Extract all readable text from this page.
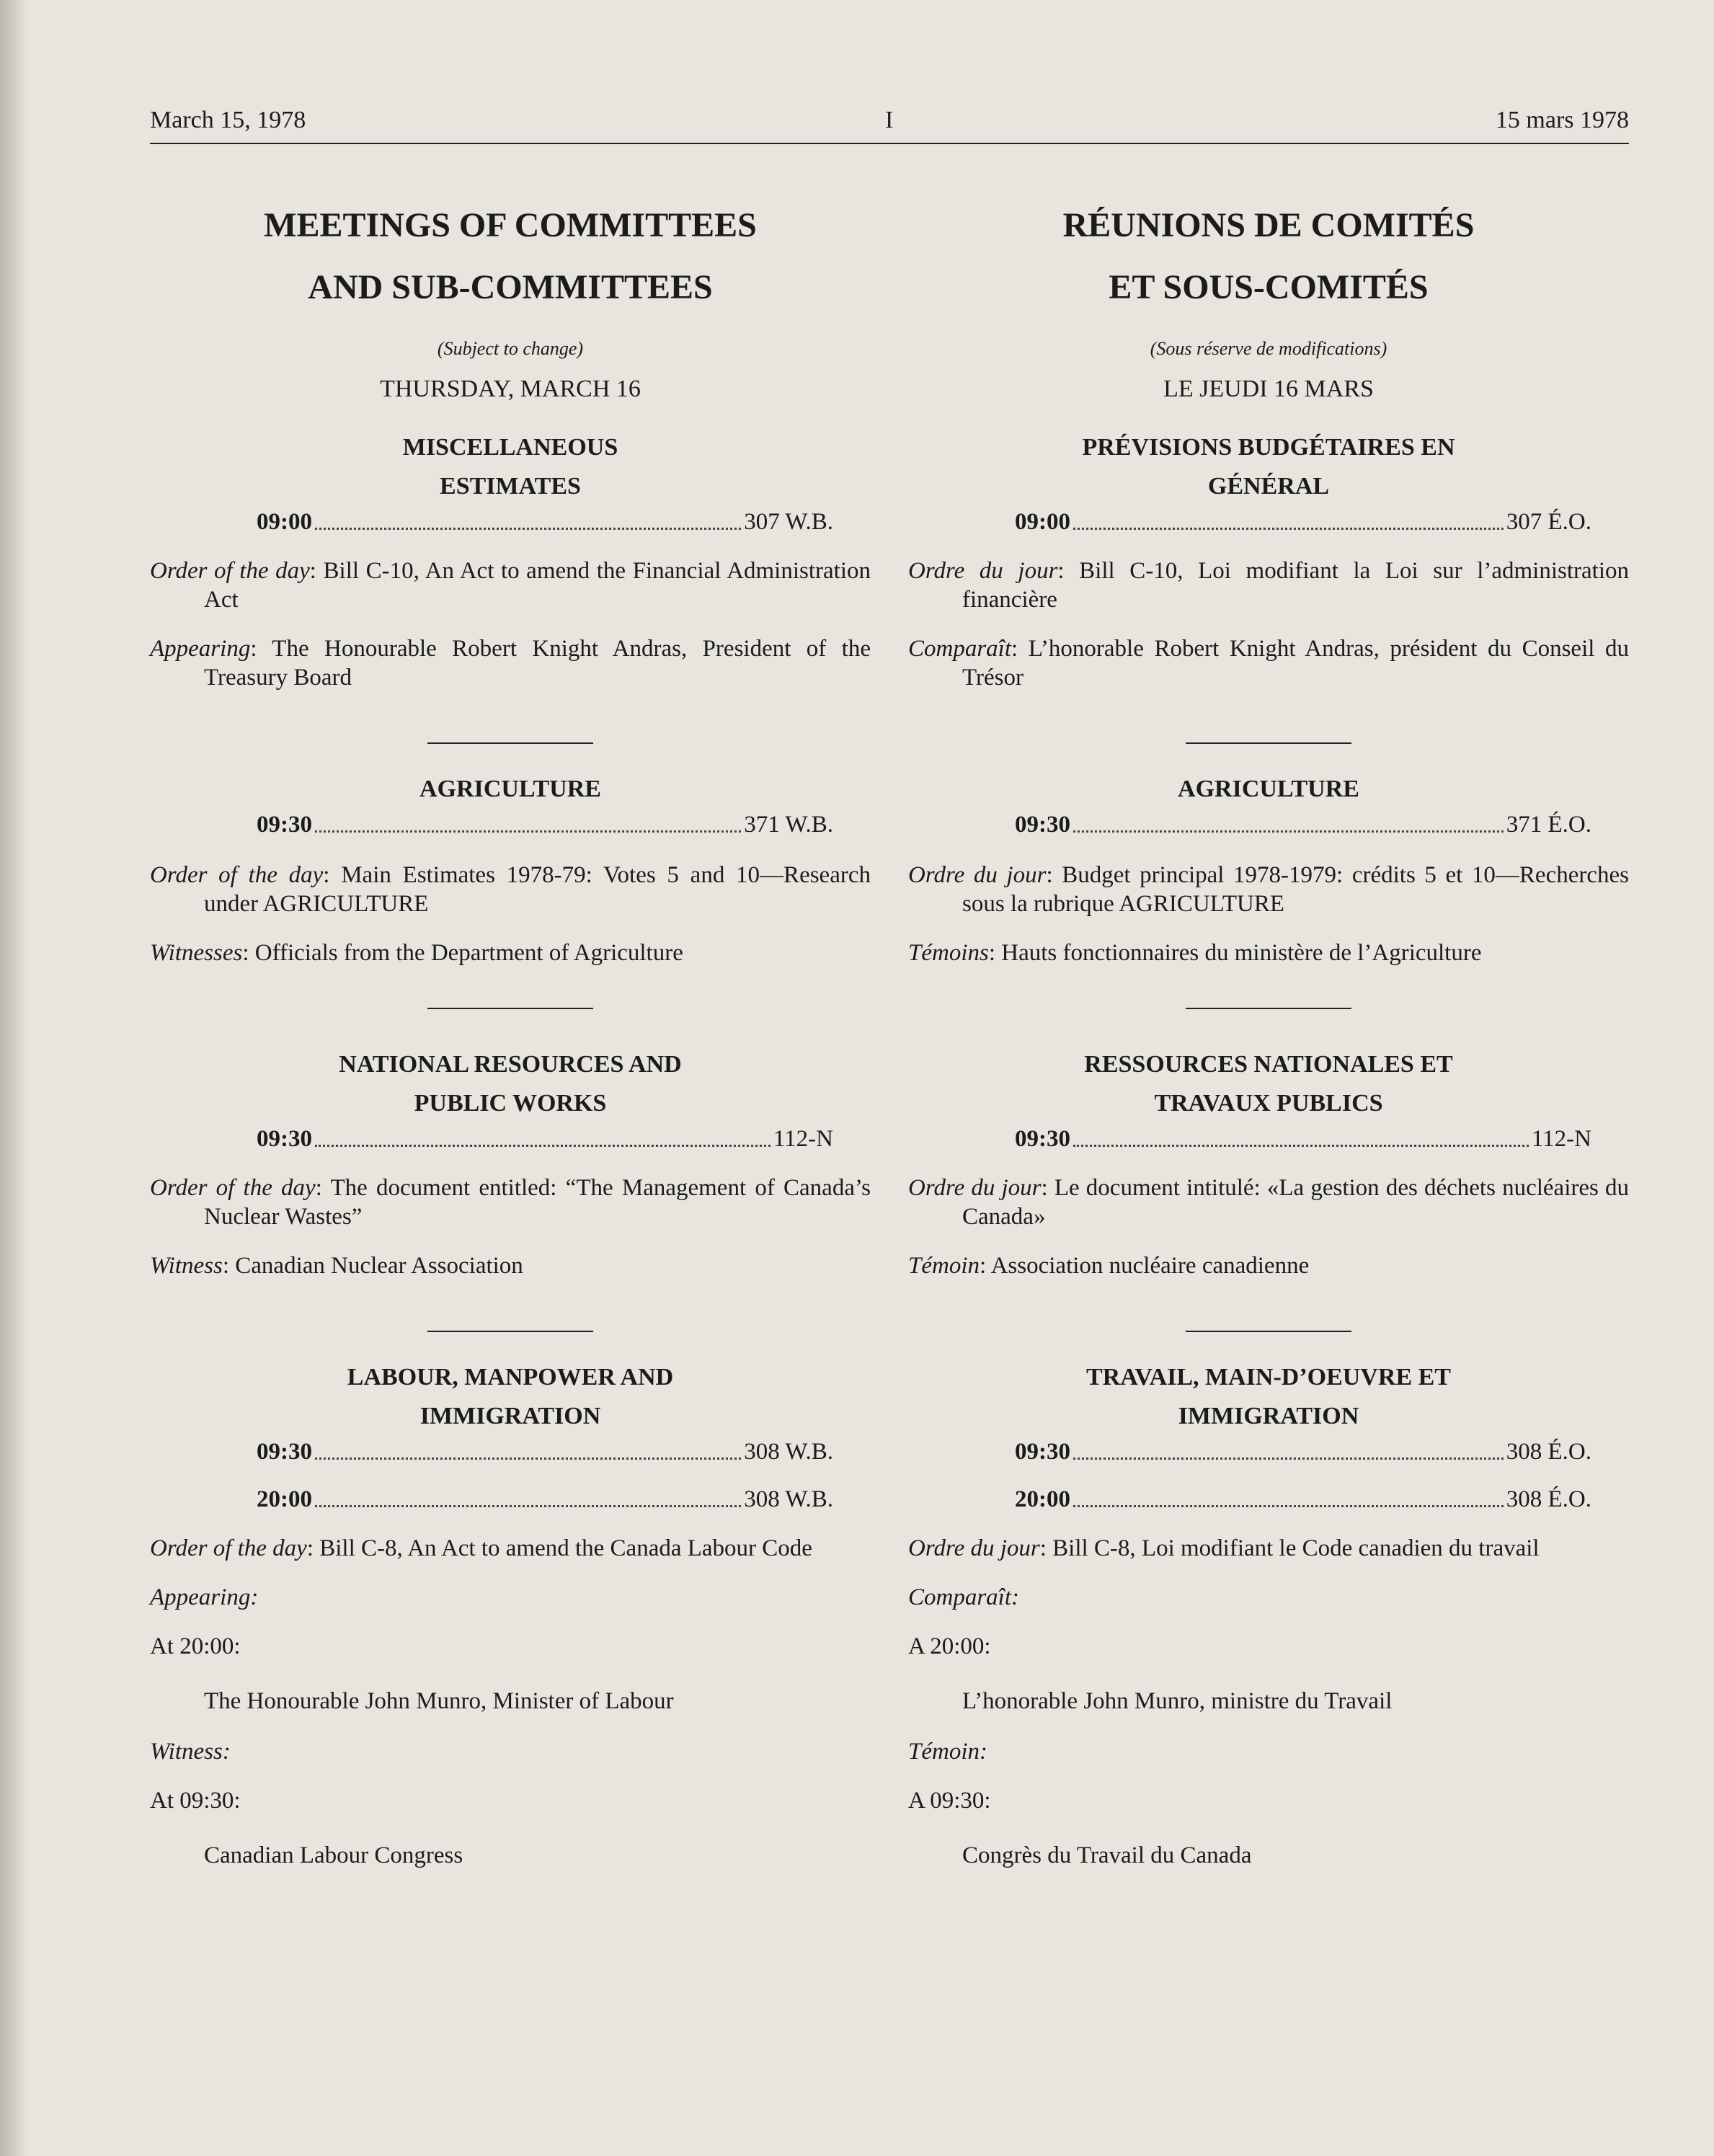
March 15, 1978	I	15 mars 1978
MEETINGS OF COMMITTEES
AND SUB-COMMITTEES
(Subject to change)
THURSDAY, MARCH 16
MISCELLANEOUS
ESTIMATES
09:00	307 W.B.
Order of the day: Bill C-10, An Act to amend the Financial Administration Act
Appearing: The Honourable Robert Knight Andras, President of the Treasury Board
AGRICULTURE
09:30	371 W.B.
Order of the day: Main Estimates 1978-79: Votes 5 and 10—Research under AGRICULTURE
Witnesses: Officials from the Department of Agriculture
NATIONAL RESOURCES AND
PUBLIC WORKS
09:30	112-N
Order of the day: The document entitled: “The Management of Canada’s Nuclear Wastes”
Witness: Canadian Nuclear Association
LABOUR, MANPOWER AND
IMMIGRATION
09:30	308 W.B.
20:00	308 W.B.
Order of the day: Bill C-8, An Act to amend the Canada Labour Code
Appearing:
At 20:00:
The Honourable John Munro, Minister of Labour
Witness:
At 09:30:
Canadian Labour Congress
RÉUNIONS DE COMITÉS
ET SOUS-COMITÉS
(Sous réserve de modifications)
LE JEUDI 16 MARS
PRÉVISIONS BUDGÉTAIRES EN
GÉNÉRAL
09:00	307 É.O.
Ordre du jour: Bill C-10, Loi modifiant la Loi sur l’administration financière
Comparaît: L’honorable Robert Knight Andras, président du Conseil du Trésor
AGRICULTURE
09:30	371 É.O.
Ordre du jour: Budget principal 1978-1979: crédits 5 et 10—Recherches sous la rubrique AGRICULTURE
Témoins: Hauts fonctionnaires du ministère de l’Agriculture
RESSOURCES NATIONALES ET
TRAVAUX PUBLICS
09:30	112-N
Ordre du jour: Le document intitulé: «La gestion des déchets nucléaires du Canada»
Témoin: Association nucléaire canadienne
TRAVAIL, MAIN-D’OEUVRE ET
IMMIGRATION
09:30	308 É.O.
20:00	308 É.O.
Ordre du jour: Bill C-8, Loi modifiant le Code canadien du travail
Comparaît:
A 20:00:
L’honorable John Munro, ministre du Travail
Témoin:
A 09:30:
Congrès du Travail du Canada
